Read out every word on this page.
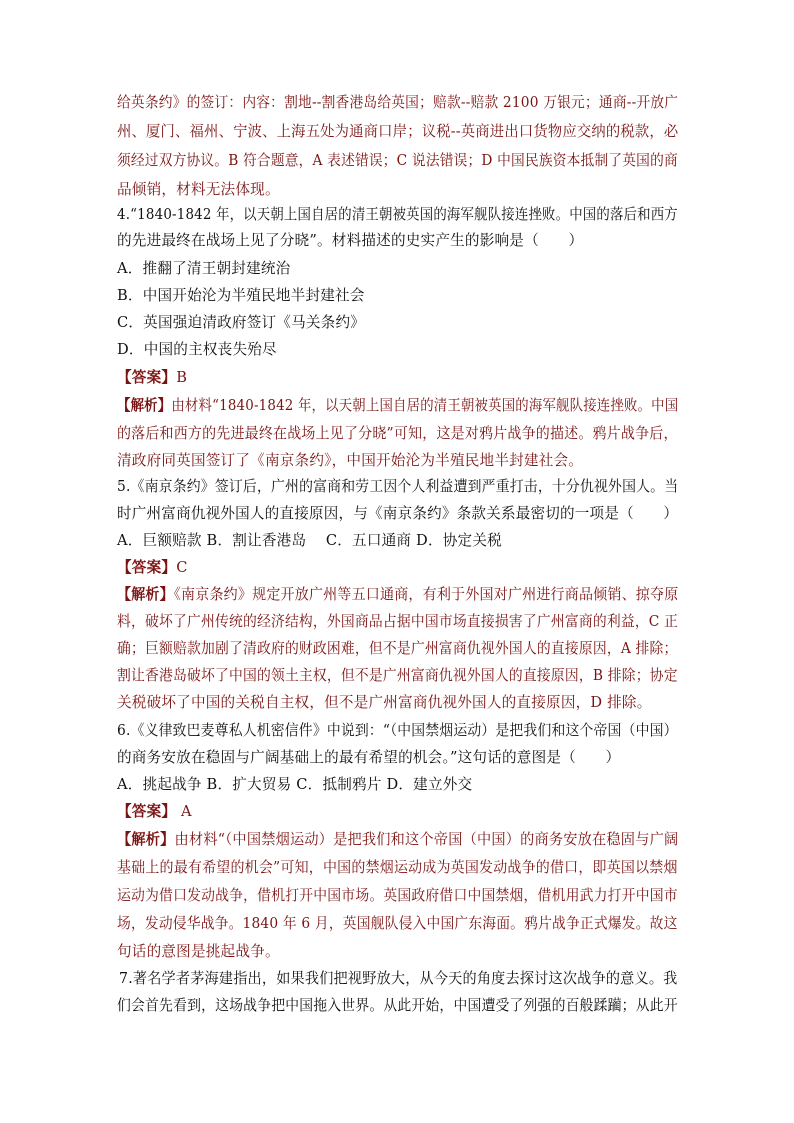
给英条约》的签订：内容：割地--割香港岛给英国；赔款--赔款 2100 万银元；通商--开放广
州、厦门、福州、宁波、上海五处为通商口岸；议税--英商进出口货物应交纳的税款，必
须经过双方协议。B 符合题意，A 表述错误；C 说法错误；D 中国民族资本抵制了英国的商
品倾销，材料无法体现。
4.“1840-1842 年，以天朝上国自居的清王朝被英国的海军舰队接连挫败。中国的落后和西方
的先进最终在战场上见了分晓”。材料描述的史实产生的影响是（　　）
A．推翻了清王朝封建统治
B．中国开始沦为半殖民地半封建社会
C．英国强迫清政府签订《马关条约》
D．中国的主权丧失殆尽
【答案】B
【解析】由材料“1840-1842 年，以天朝上国自居的清王朝被英国的海军舰队接连挫败。中国
的落后和西方的先进最终在战场上见了分晓”可知，这是对鸦片战争的描述。鸦片战争后，
清政府同英国签订了《南京条约》，中国开始沦为半殖民地半封建社会。
5.《南京条约》签订后，广州的富商和劳工因个人利益遭到严重打击，十分仇视外国人。当
时广州富商仇视外国人的直接原因，与《南京条约》条款关系最密切的一项是（　　）
A．巨额赔款 B．割让香港岛　 C．五口通商 D．协定关税
【答案】C
【解析】《南京条约》规定开放广州等五口通商，有利于外国对广州进行商品倾销、掠夺原
料，破坏了广州传统的经济结构，外国商品占据中国市场直接损害了广州富商的利益，C 正
确；巨额赔款加剧了清政府的财政困难，但不是广州富商仇视外国人的直接原因，A 排除；
割让香港岛破坏了中国的领土主权，但不是广州富商仇视外国人的直接原因，B 排除；协定
关税破坏了中国的关税自主权，但不是广州富商仇视外国人的直接原因，D 排除。
6.《义律致巴麦尊私人机密信件》中说到：“（中国禁烟运动）是把我们和这个帝国（中国）
的商务安放在稳固与广阔基础上的最有希望的机会。”这句话的意图是（　　）
A．挑起战争 B．扩大贸易 C．抵制鸦片 D．建立外交
【答案】 A
【解析】由材料“（中国禁烟运动）是把我们和这个帝国（中国）的商务安放在稳固与广阔
基础上的最有希望的机会”可知，中国的禁烟运动成为英国发动战争的借口，即英国以禁烟
运动为借口发动战争，借机打开中国市场。英国政府借口中国禁烟，借机用武力打开中国市
场，发动侵华战争。1840 年 6 月，英国舰队侵入中国广东海面。鸦片战争正式爆发。故这
句话的意图是挑起战争。
7.著名学者茅海建指出，如果我们把视野放大，从今天的角度去探讨这次战争的意义。我
们会首先看到，这场战争把中国拖入世界。从此开始，中国遭受了列强的百般蹂躏；从此开
